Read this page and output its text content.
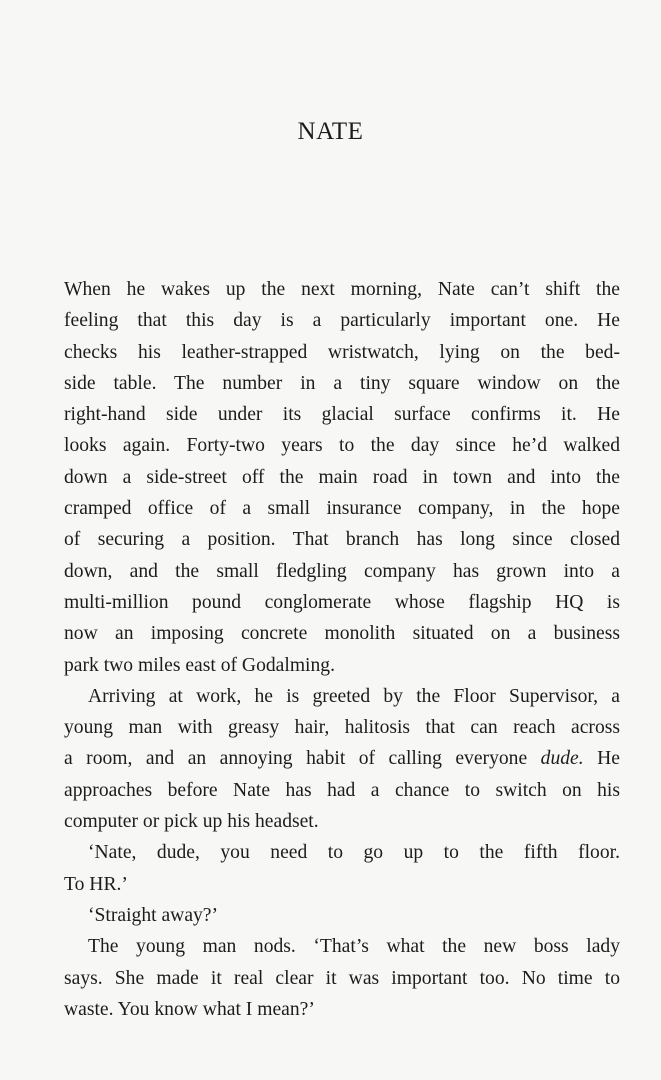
NATE
When he wakes up the next morning, Nate can’t shift the
feeling that this day is a particularly important one. He
checks his leather-strapped wristwatch, lying on the bed-
side table. The number in a tiny square window on the
right-hand side under its glacial surface confirms it. He
looks again. Forty-two years to the day since he’d walked
down a side-street off the main road in town and into the
cramped office of a small insurance company, in the hope
of securing a position. That branch has long since closed
down, and the small fledgling company has grown into a
multi-million pound conglomerate whose flagship HQ is
now an imposing concrete monolith situated on a business
park two miles east of Godalming.
Arriving at work, he is greeted by the Floor Supervisor, a
young man with greasy hair, halitosis that can reach across
a room, and an annoying habit of calling everyone dude. He
approaches before Nate has had a chance to switch on his
computer or pick up his headset.
‘Nate, dude, you need to go up to the fifth floor.
To HR.’
‘Straight away?’
The young man nods. ‘That’s what the new boss lady
says. She made it real clear it was important too. No time to
waste. You know what I mean?’
